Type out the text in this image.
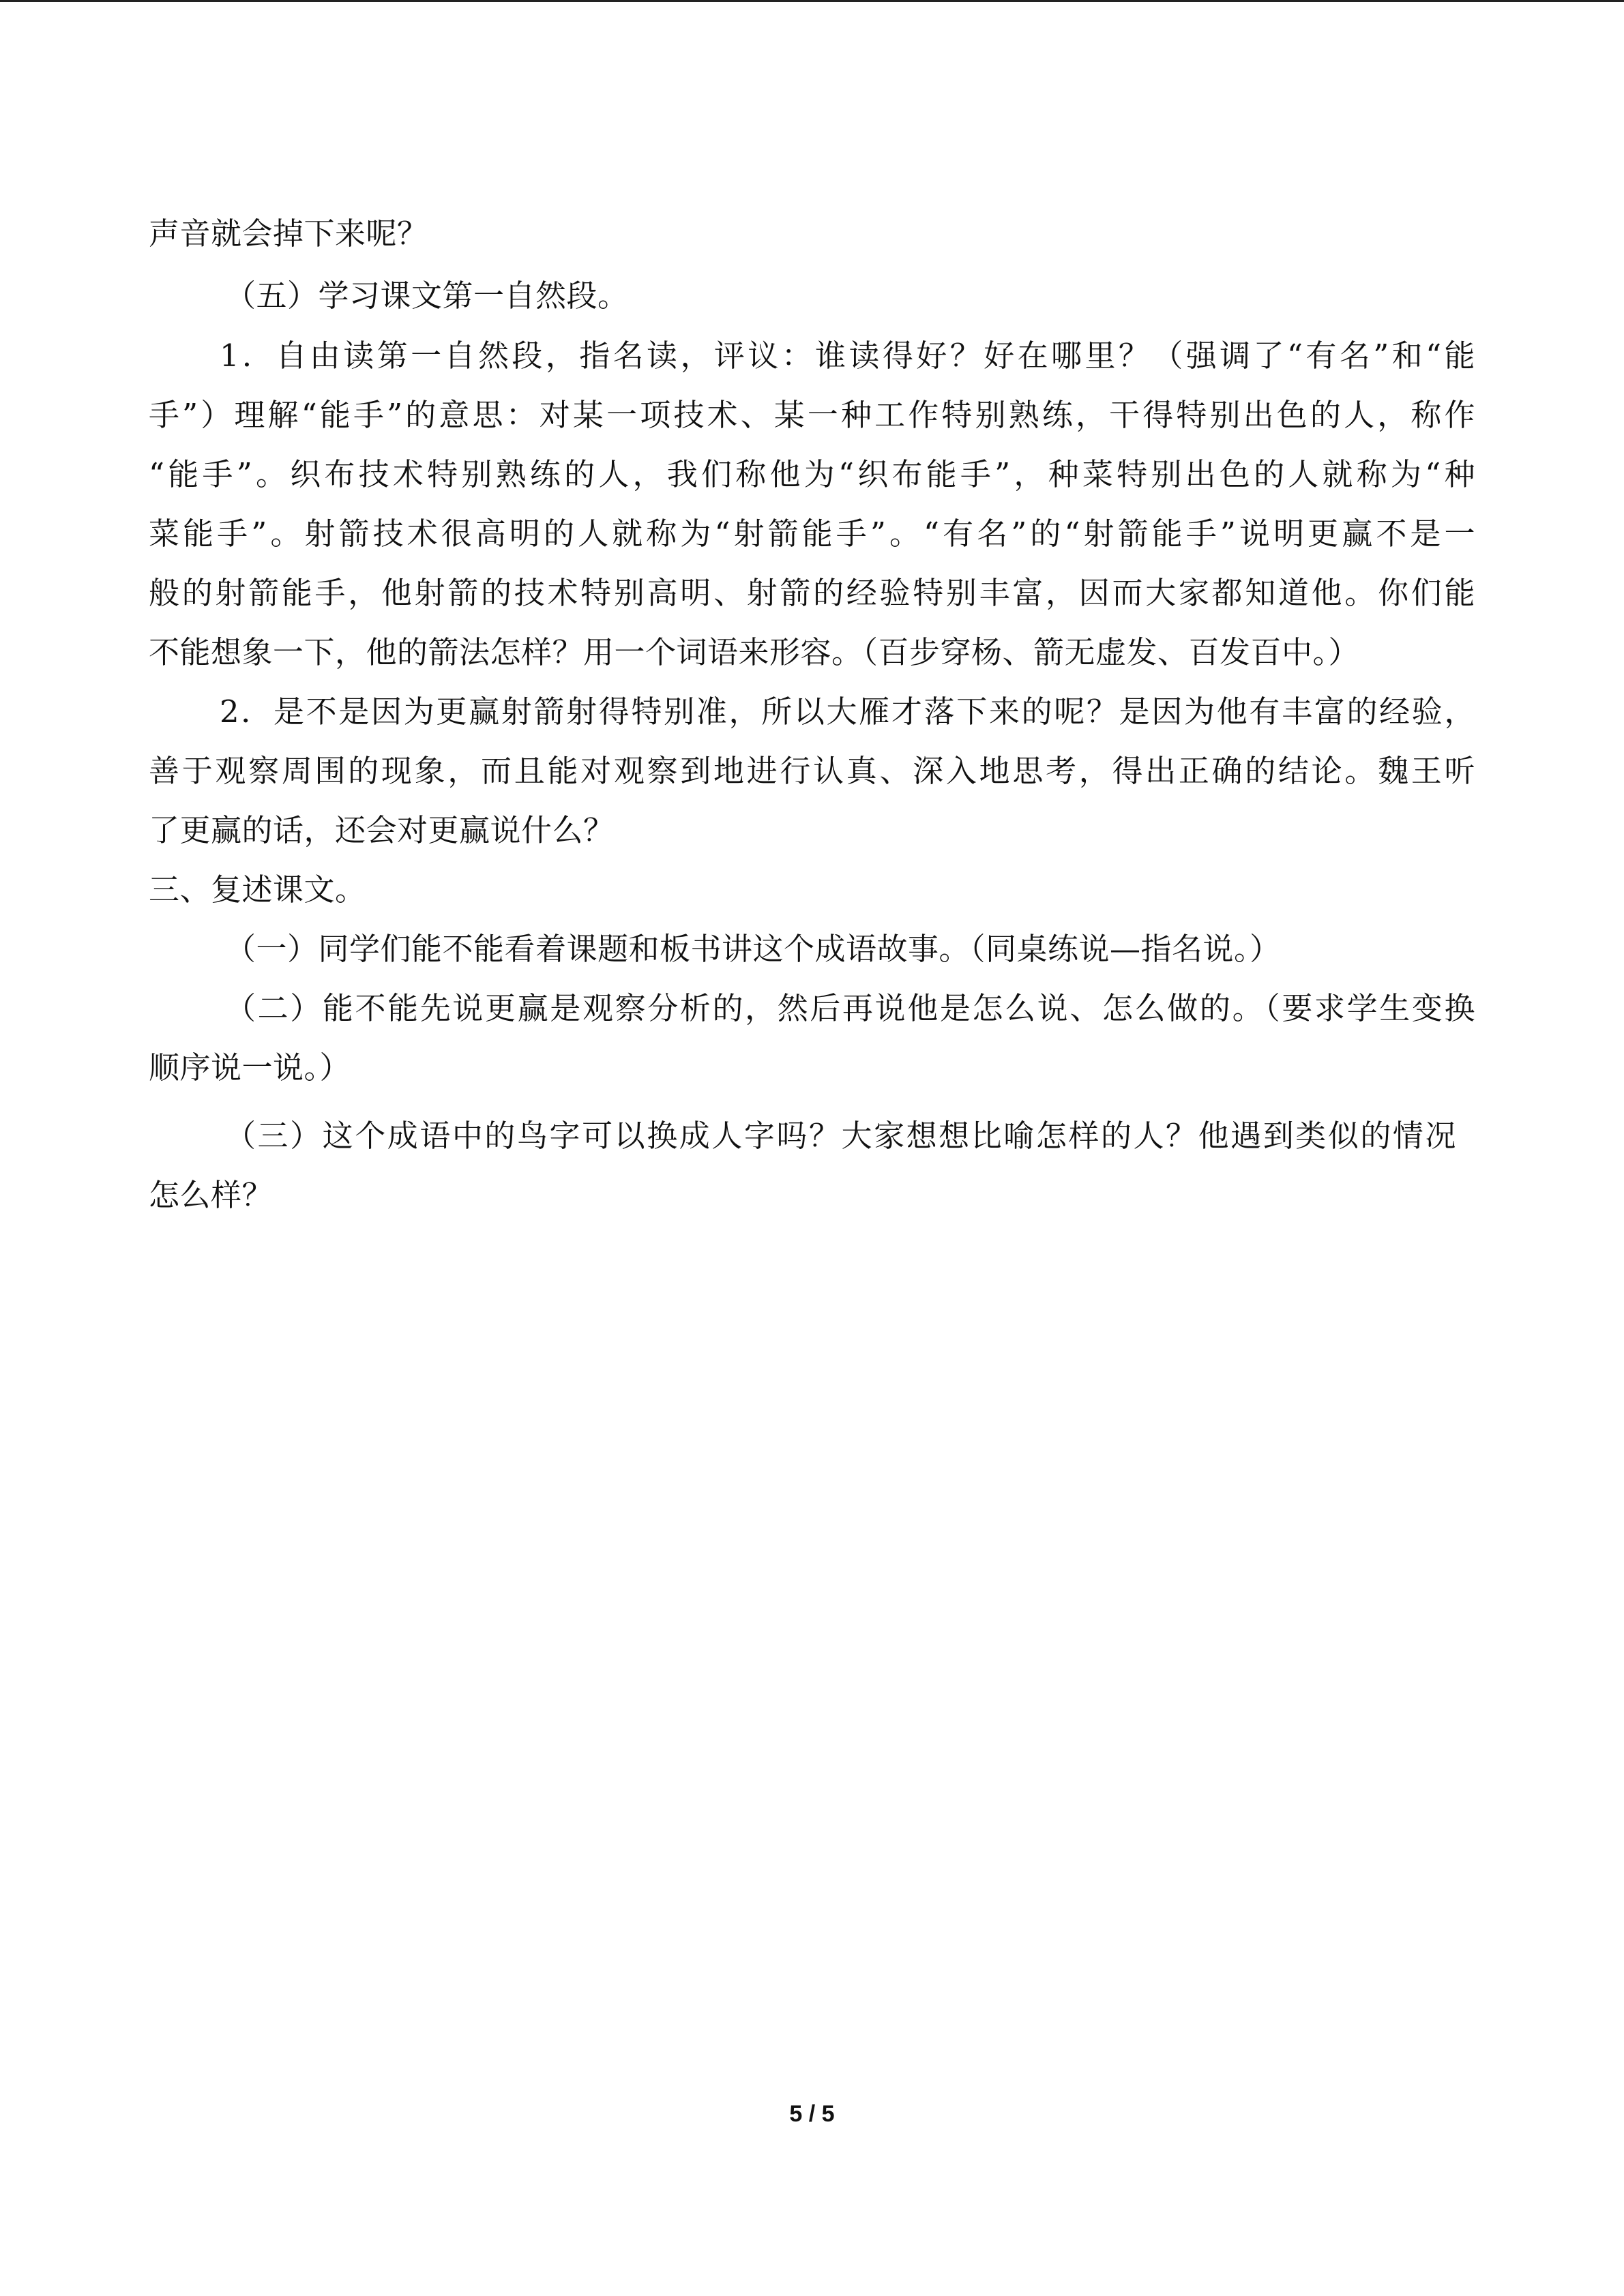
声音就会掉下来呢？
（五）学习课文第一自然段。
1．自由读第一自然段，指名读，评议：谁读得好？好在哪里？（强调了“有名”和“能
手”）理解“能手”的意思：对某一项技术、某一种工作特别熟练，干得特别出色的人，称作
“能手”。织布技术特别熟练的人，我们称他为“织布能手”，种菜特别出色的人就称为“种
菜能手”。射箭技术很高明的人就称为“射箭能手”。“有名”的“射箭能手”说明更赢不是一
般的射箭能手，他射箭的技术特别高明、射箭的经验特别丰富，因而大家都知道他。你们能
不能想象一下，他的箭法怎样？用一个词语来形容。（百步穿杨、箭无虚发、百发百中。）
2．是不是因为更赢射箭射得特别准，所以大雁才落下来的呢？是因为他有丰富的经验，
善于观察周围的现象，而且能对观察到地进行认真、深入地思考，得出正确的结论。魏王听
了更赢的话，还会对更赢说什么？
三、复述课文。
（一）同学们能不能看着课题和板书讲这个成语故事。（同桌练说—指名说。）
（二）能不能先说更赢是观察分析的，然后再说他是怎么说、怎么做的。（要求学生变换
顺序说一说。）
（三）这个成语中的鸟字可以换成人字吗？大家想想比喻怎样的人？他遇到类似的情况
怎么样？
5 / 5
